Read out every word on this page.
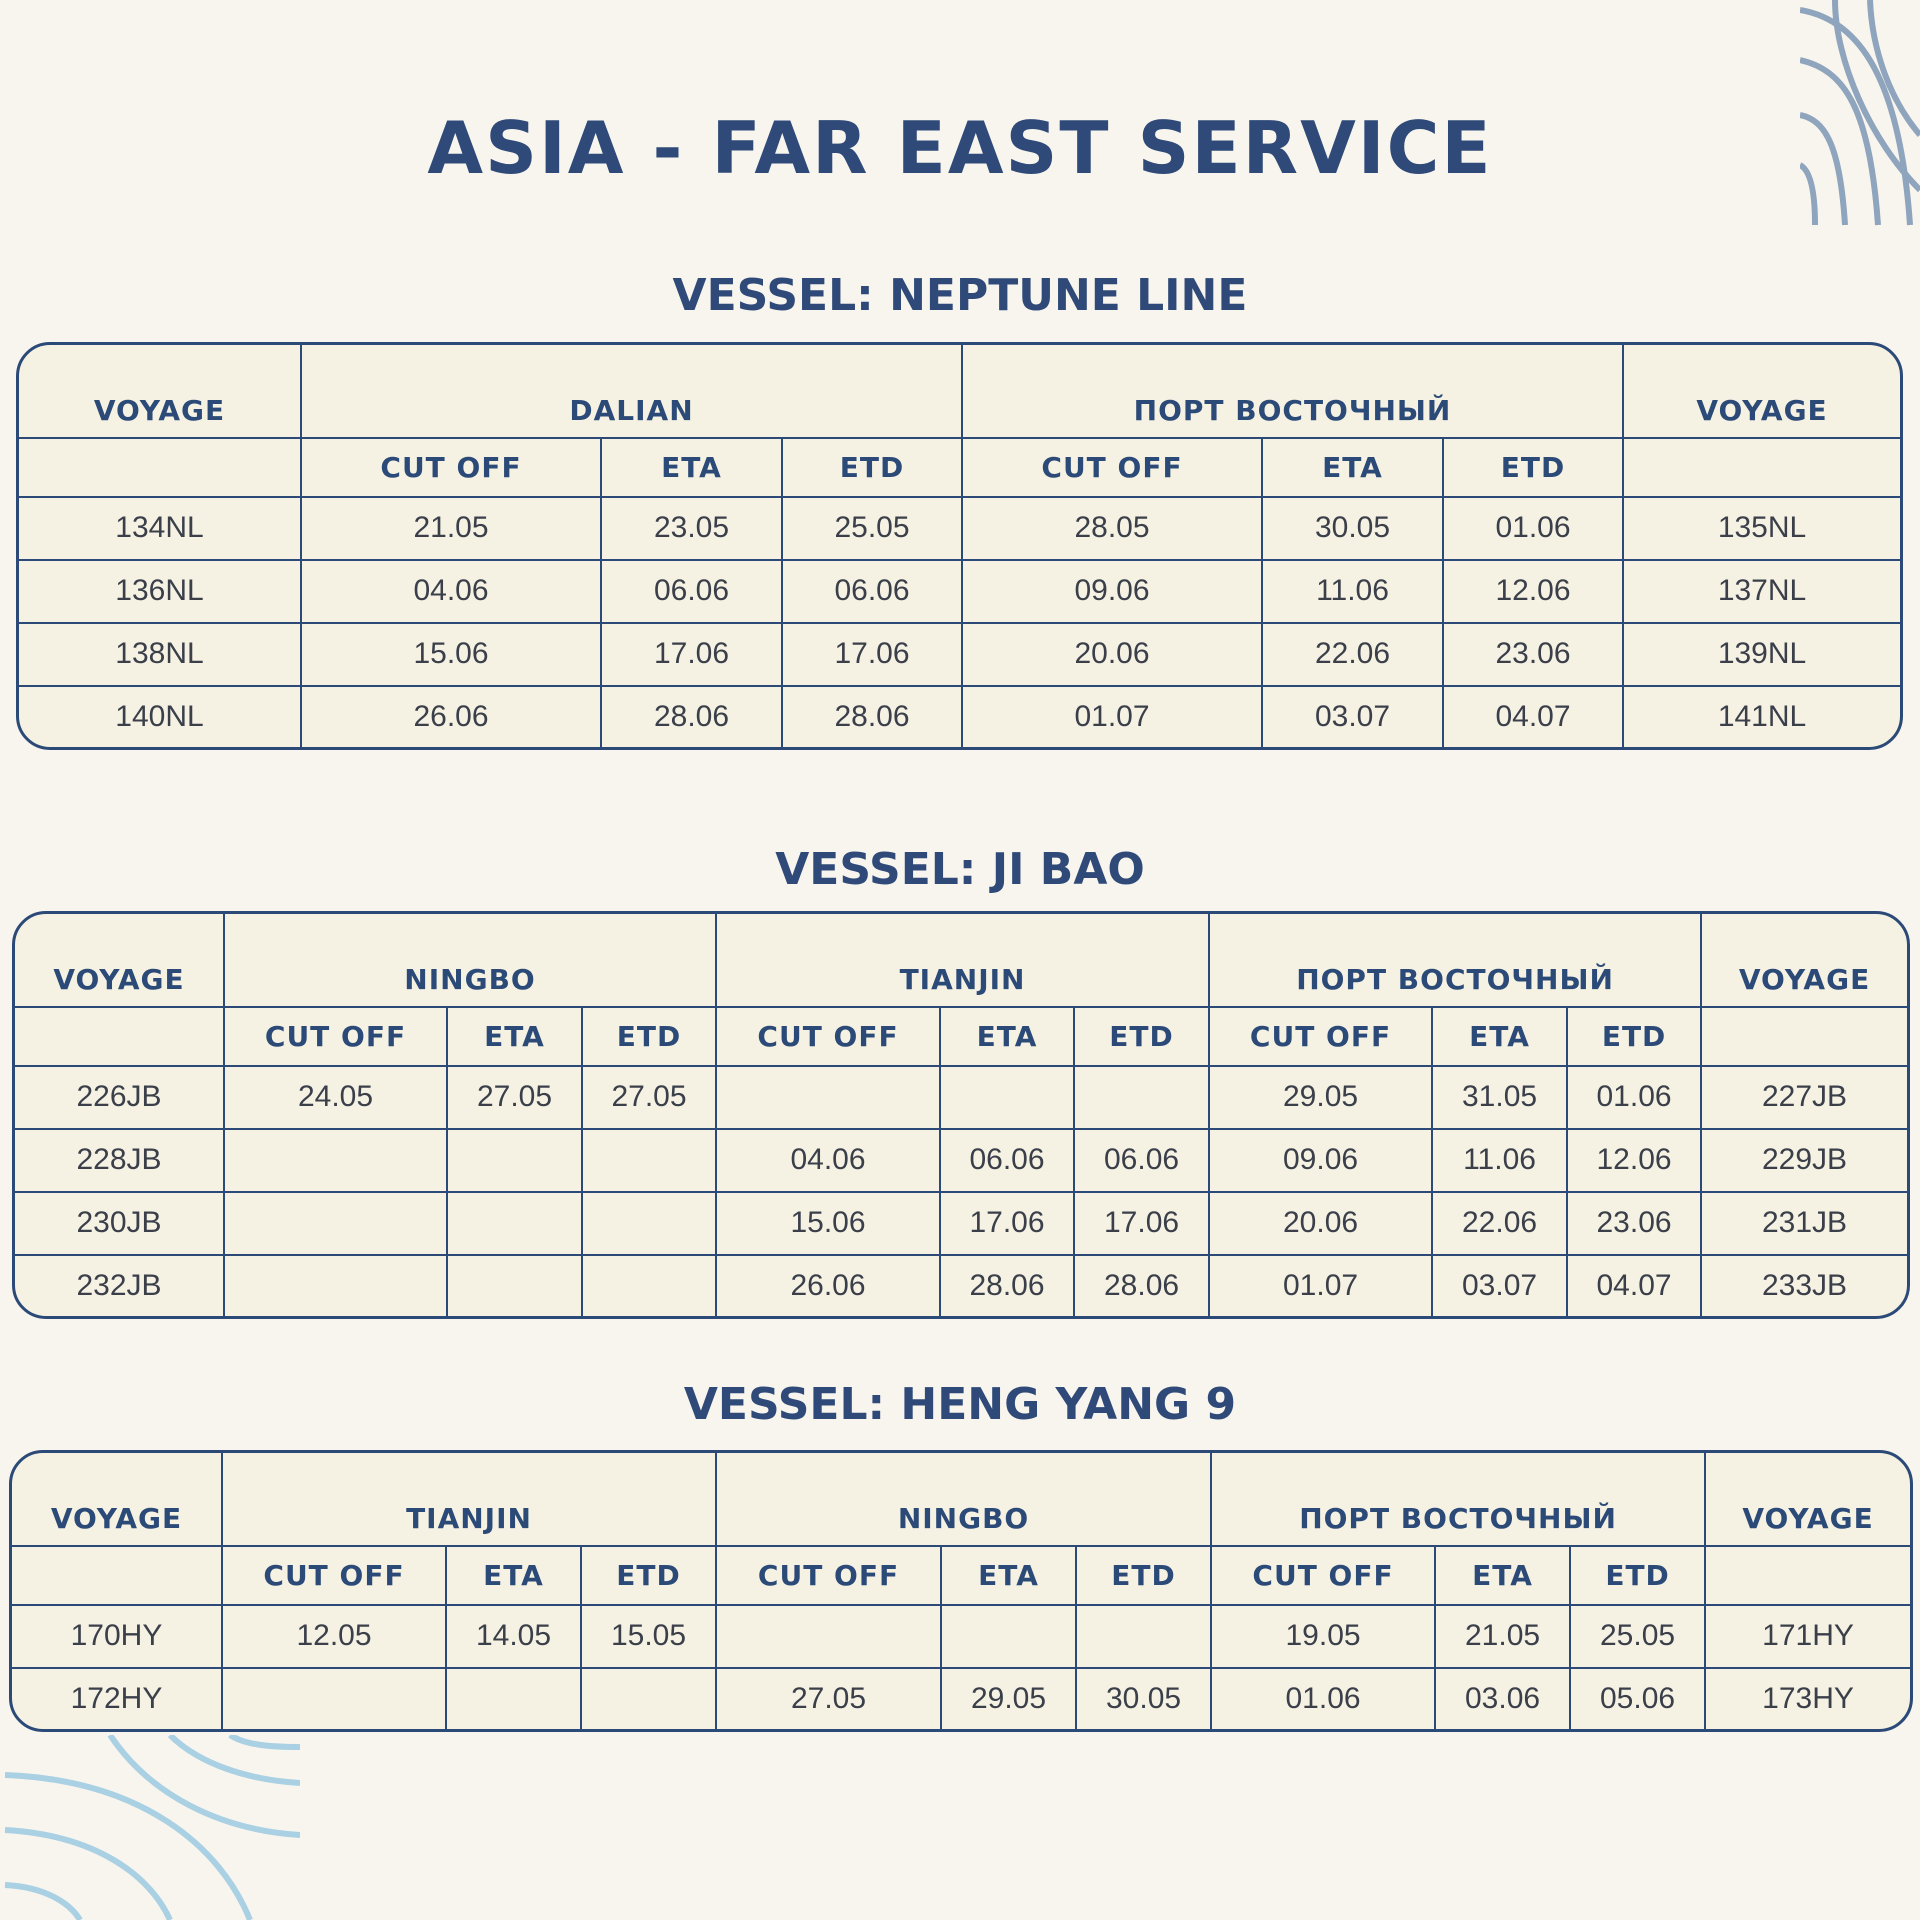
ASIA - FAR EAST SERVICE
VESSEL: NEPTUNE LINE
VOYAGE	DALIAN			ПОРТ ВОСТОЧНЫЙ			VOYAGE
	CUT OFF	ETA	ETD	CUT OFF	ETA	ETD	
134NL	21.05	23.05	25.05	28.05	30.05	01.06	135NL
136NL	04.06	06.06	06.06	09.06	11.06	12.06	137NL
138NL	15.06	17.06	17.06	20.06	22.06	23.06	139NL
140NL	26.06	28.06	28.06	01.07	03.07	04.07	141NL
VESSEL: JI BAO
VOYAGE	NINGBO			TIANJIN			ПОРТ ВОСТОЧНЫЙ			VOYAGE
	CUT OFF	ETA	ETD	CUT OFF	ETA	ETD	CUT OFF	ETA	ETD	
226JB	24.05	27.05	27.05				29.05	31.05	01.06	227JB
228JB				04.06	06.06	06.06	09.06	11.06	12.06	229JB
230JB				15.06	17.06	17.06	20.06	22.06	23.06	231JB
232JB				26.06	28.06	28.06	01.07	03.07	04.07	233JB
VESSEL: HENG YANG 9
VOYAGE	TIANJIN			NINGBO			ПОРТ ВОСТОЧНЫЙ			VOYAGE
	CUT OFF	ETA	ETD	CUT OFF	ETA	ETD	CUT OFF	ETA	ETD	
170HY	12.05	14.05	15.05				19.05	21.05	25.05	171HY
172HY				27.05	29.05	30.05	01.06	03.06	05.06	173HY
